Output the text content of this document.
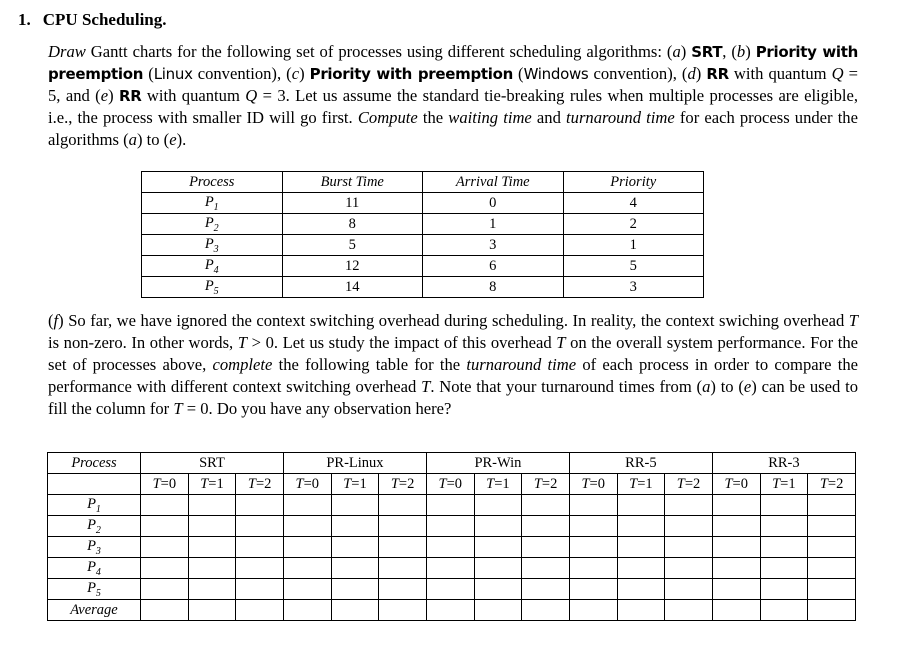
1. CPU Scheduling.
Draw Gantt charts for the following set of processes using different scheduling algorithms: (a) SRT, (b) Priority with preemption (Linux convention), (c) Priority with preemption (Windows convention), (d) RR with quantum Q = 5, and (e) RR with quantum Q = 3. Let us assume the standard tie-breaking rules when multiple processes are eligible, i.e., the process with smaller ID will go first. Compute the waiting time and turnaround time for each process under the algorithms (a) to (e).
Process	Burst Time	Arrival Time	Priority
$P_1$	11	0	4
$P_2$	8	1	2
$P_3$	5	3	1
$P_4$	12	6	5
$P_5$	14	8	3
(f) So far, we have ignored the context switching overhead during scheduling. In reality, the context swiching overhead T is non-zero. In other words, T > 0. Let us study the impact of this overhead T on the overall system performance. For the set of processes above, complete the following table for the turnaround time of each process in order to compare the performance with different context switching overhead T. Note that your turnaround times from (a) to (e) can be used to fill the column for T = 0. Do you have any observation here?
Process	SRT			PR-Linux			PR-Win			RR-5			RR-3		
	T=0	T=1	T=2	T=0	T=1	T=2	T=0	T=1	T=2	T=0	T=1	T=2	T=0	T=1	T=2
$P_1$															
$P_2$															
$P_3$															
$P_4$															
$P_5$															
Average															
